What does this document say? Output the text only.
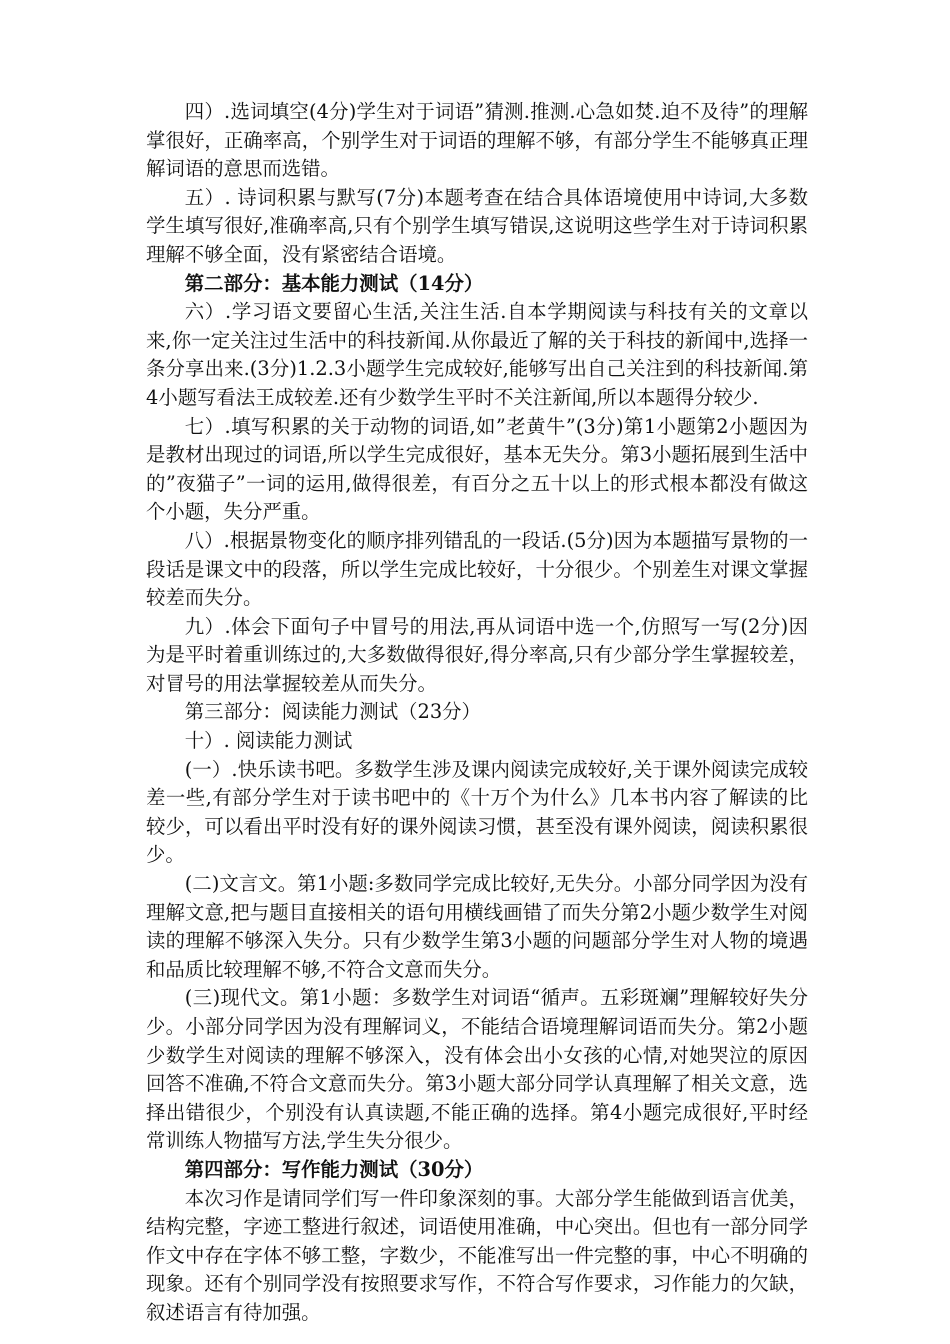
四）.选词填空(4分)学生对于词语”猜测.推测.心急如焚.迫不及待”的理解掌很好，正确率高，个别学生对于词语的理解不够，有部分学生不能够真正理解词语的意思而选错。

五）. 诗词积累与默写(7分)本题考查在结合具体语境使用中诗词,大多数学生填写很好,准确率高,只有个别学生填写错误,这说明这些学生对于诗词积累理解不够全面，没有紧密结合语境。

第二部分：基本能力测试（14分）

六）.学习语文要留心生活,关注生活.自本学期阅读与科技有关的文章以来,你一定关注过生活中的科技新闻.从你最近了解的关于科技的新闻中,选择一条分享出来.(3分)1.2.3小题学生完成较好,能够写出自己关注到的科技新闻.第4小题写看法王成较差.还有少数学生平时不关注新闻,所以本题得分较少.

七）.填写积累的关于动物的词语,如”老黄牛”(3分)第1小题第2小题因为是教材出现过的词语,所以学生完成很好，基本无失分。第3小题拓展到生活中的”夜猫子”一词的运用,做得很差，有百分之五十以上的形式根本都没有做这个小题，失分严重。

八）.根据景物变化的顺序排列错乱的一段话.(5分)因为本题描写景物的一段话是课文中的段落，所以学生完成比较好，十分很少。个别差生对课文掌握较差而失分。

九）.体会下面句子中冒号的用法,再从词语中选一个,仿照写一写(2分)因为是平时着重训练过的,大多数做得很好,得分率高,只有少部分学生掌握较差，对冒号的用法掌握较差从而失分。

第三部分：阅读能力测试（23分）

十）. 阅读能力测试

(一）.快乐读书吧。多数学生涉及课内阅读完成较好,关于课外阅读完成较差一些,有部分学生对于读书吧中的《十万个为什么》几本书内容了解读的比较少，可以看出平时没有好的课外阅读习惯，甚至没有课外阅读，阅读积累很少。

(二)文言文。第1小题:多数同学完成比较好,无失分。小部分同学因为没有理解文意,把与题目直接相关的语句用横线画错了而失分第2小题少数学生对阅读的理解不够深入失分。只有少数学生第3小题的问题部分学生对人物的境遇和品质比较理解不够,不符合文意而失分。

(三)现代文。第1小题：多数学生对词语“循声。五彩斑斓”理解较好失分少。小部分同学因为没有理解词义，不能结合语境理解词语而失分。第2小题少数学生对阅读的理解不够深入，没有体会出小女孩的心情,对她哭泣的原因回答不准确,不符合文意而失分。第3小题大部分同学认真理解了相关文意，选择出错很少，个别没有认真读题,不能正确的选择。第4小题完成很好,平时经常训练人物描写方法,学生失分很少。

第四部分：写作能力测试（30分）

本次习作是请同学们写一件印象深刻的事。大部分学生能做到语言优美，结构完整，字迹工整进行叙述，词语使用准确，中心突出。但也有一部分同学作文中存在字体不够工整，字数少，不能准写出一件完整的事，中心不明确的现象。还有个别同学没有按照要求写作，不符合写作要求，习作能力的欠缺，叙述语言有待加强。
